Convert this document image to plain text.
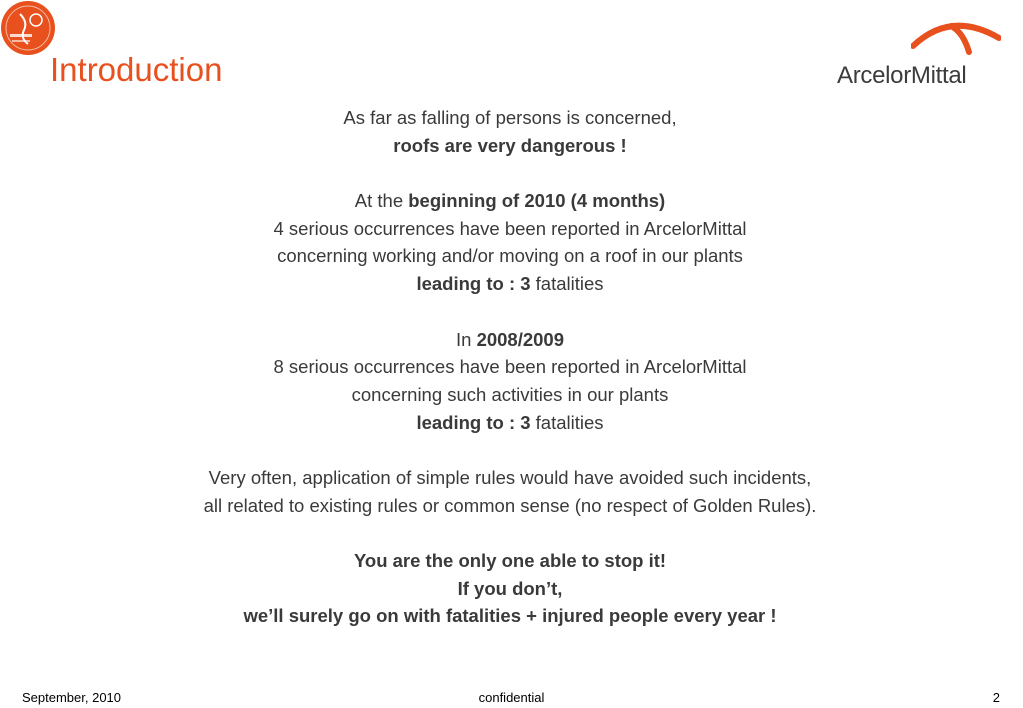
Introduction	ArcelorMittal
As far as falling of persons is concerned,
roofs are very dangerous !
At the beginning of 2010 (4 months)
4 serious occurrences have been reported in ArcelorMittal
concerning working and/or moving on a roof in our plants
leading to : 3 fatalities
In 2008/2009
8 serious occurrences have been reported in ArcelorMittal
concerning such activities in our plants
leading to : 3 fatalities
Very often, application of simple rules would have avoided such incidents,
all related to existing rules or common sense (no respect of Golden Rules).
You are the only one able to stop it!
If you don’t,
we’ll surely go on with fatalities + injured people every year !
September, 2010	confidential	2
